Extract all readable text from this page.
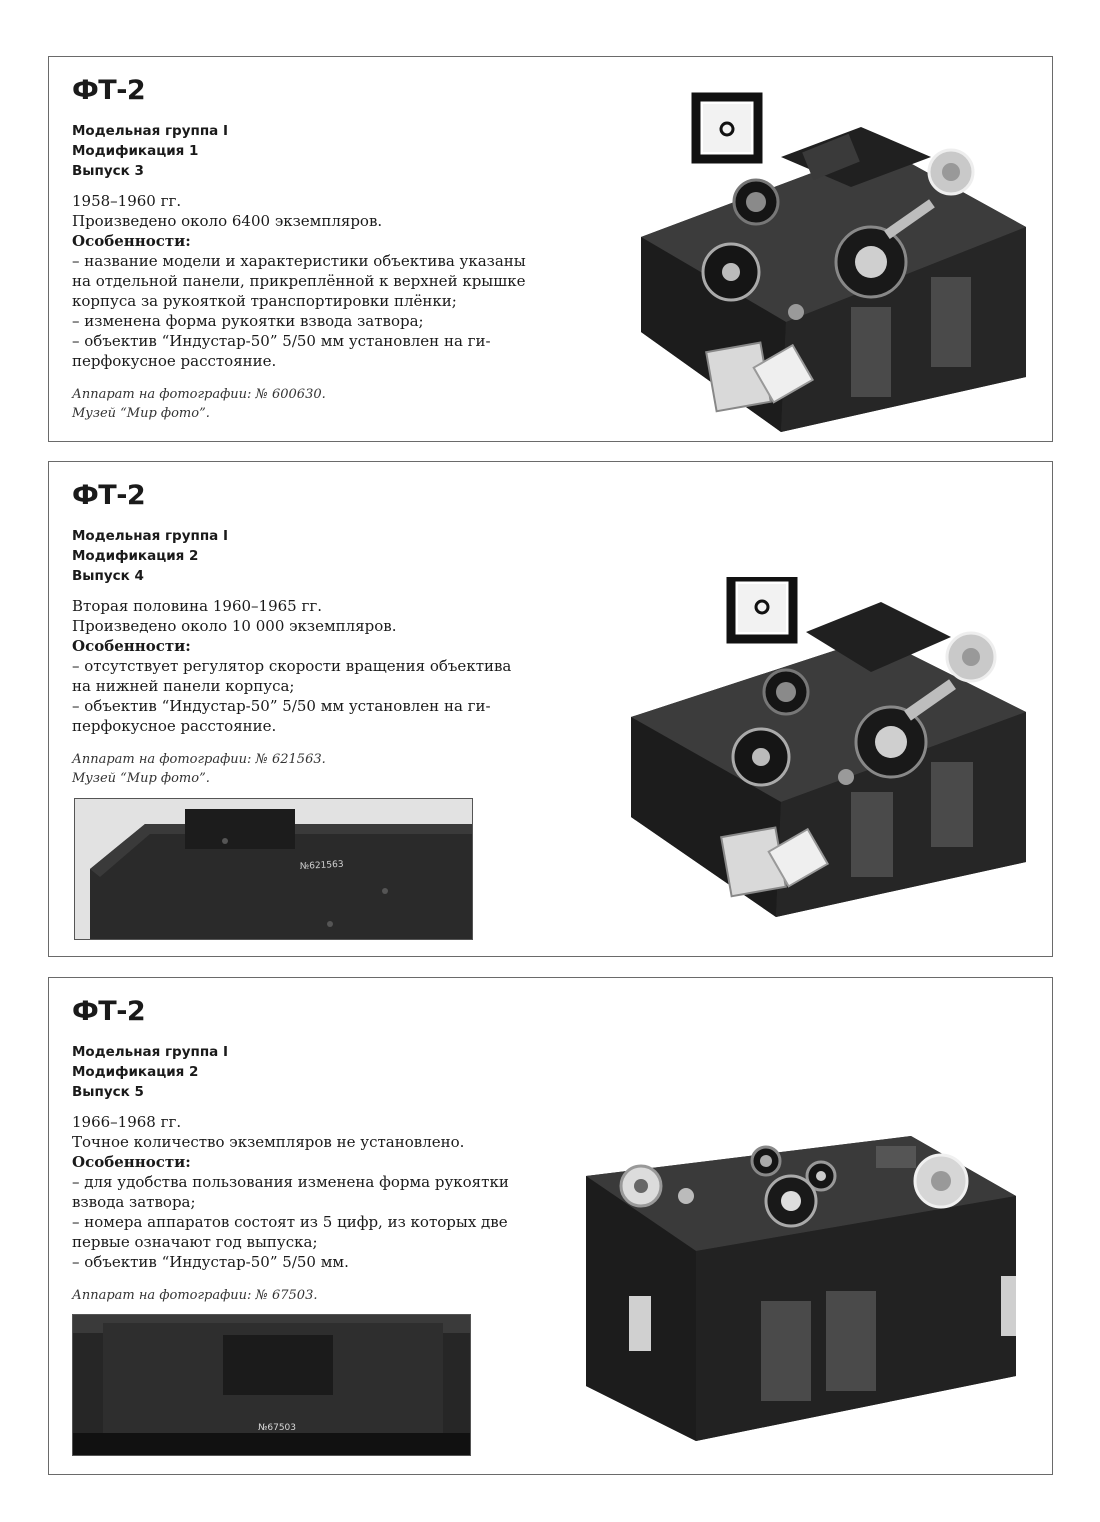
ФТ-2
Модельная группа I
Модификация 1
Выпуск 3
1958–1960 гг.
Произведено около 6400 экземпляров.
Особенности:
– название модели и характеристики объектива указаны
на отдельной панели, прикреплённой к верхней крышке
корпуса за рукояткой транспортировки плёнки;
– изменена форма рукоятки взвода затвора;
– объектив “Индустар-50” 5/50 мм установлен на ги-
перфокусное расстояние.
Аппарат на фотографии: № 600630.
Музей “Мир фото”.
ФТ-2
Модельная группа I
Модификация 2
Выпуск 4
Вторая половина 1960–1965 гг.
Произведено около 10 000 экземпляров.
Особенности:
– отсутствует регулятор скорости вращения объектива
на нижней панели корпуса;
– объектив “Индустар-50” 5/50 мм установлен на ги-
перфокусное расстояние.
Аппарат на фотографии: № 621563.
Музей “Мир фото”.
№621563
ФТ-2
Модельная группа I
Модификация 2
Выпуск 5
1966–1968 гг.
Точное количество экземпляров не установлено.
Особенности:
– для удобства пользования изменена форма рукоятки
взвода затвора;
– номера аппаратов состоят из 5 цифр, из которых две
первые означают год выпуска;
– объектив “Индустар-50” 5/50 мм.
Аппарат на фотографии: № 67503.
№67503
